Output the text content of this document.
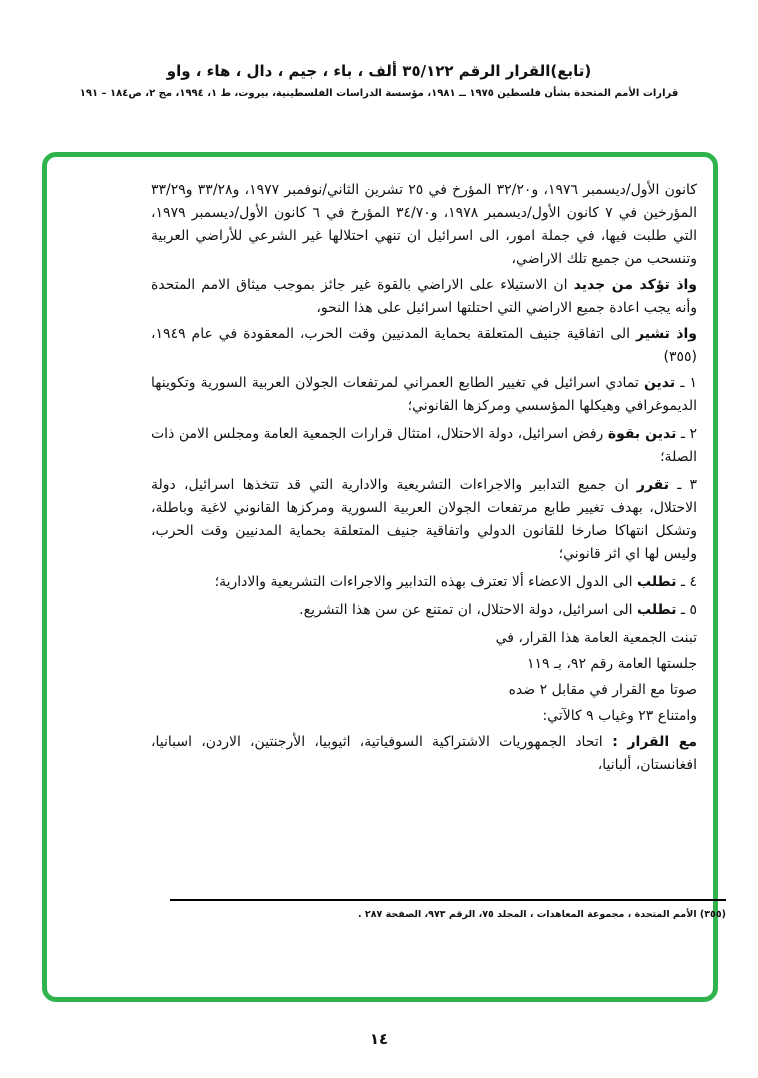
(تابع)القرار الرقم ٣٥/١٢٢ ألف ، باء ، جيم ، دال ، هاء ، واو
قرارات الأمم المتحدة بشأن فلسطين ١٩٧٥ ــ ١٩٨١، مؤسسة الدراسات الفلسطينية، بيروت، ط ١، ١٩٩٤، مج ٢، ص١٨٤ – ١٩١

كانون الأول/ديسمبر ١٩٧٦، و٣٢/٢٠ المؤرخ في ٢٥ تشرين الثاني/نوفمبر ١٩٧٧، و٣٣/٢٨ و٣٣/٢٩ المؤرخين في ٧ كانون الأول/ديسمبر ١٩٧٨، و٣٤/٧٠ المؤرخ في ٦ كانون الأول/ديسمبر ١٩٧٩، التي طلبت فيها، في جملة امور، الى اسرائيل ان تنهي احتلالها غير الشرعي للأراضي العربية وتنسحب من جميع تلك الاراضي،

واذ تؤكد من جديد ان الاستيلاء على الاراضي بالقوة غير جائز بموجب ميثاق الامم المتحدة وأنه يجب اعادة جميع الاراضي التي احتلتها اسرائيل على هذا النحو،

واذ تشير الى اتفاقية جنيف المتعلقة بحماية المدنيين وقت الحرب، المعقودة في عام ١٩٤٩،(٣٥٥)

١ ـ تدين تمادي اسرائيل في تغيير الطابع العمراني لمرتفعات الجولان العربية السورية وتكوينها الديموغرافي وهيكلها المؤسسي ومركزها القانوني؛

٢ ـ تدين بقوة رفض اسرائيل، دولة الاحتلال، امتثال قرارات الجمعية العامة ومجلس الامن ذات الصلة؛

٣ ـ تقرر ان جميع التدابير والاجراءات التشريعية والادارية التي قد تتخذها اسرائيل، دولة الاحتلال، بهدف تغيير طابع مرتفعات الجولان العربية السورية ومركزها القانوني لاغية وباطلة، وتشكل انتهاكا صارخا للقانون الدولي واتفاقية جنيف المتعلقة بحماية المدنيين وقت الحرب، وليس لها اي اثر قانوني؛

٤ ـ تطلب الى الدول الاعضاء ألا تعترف بهذه التدابير والاجراءات التشريعية والادارية؛

٥ ـ تطلب الى اسرائيل، دولة الاحتلال، ان تمتنع عن سن هذا التشريع.

تبنت الجمعية العامة هذا القرار، في

جلستها العامة رقم ٩٢، بـ ١١٩

صوتا مع القرار في مقابل ٢ ضده

وامتناع ٢٣ وغياب ٩ كالآتي:

مع القرار : اتحاد الجمهوريات الاشتراكية السوفياتية، اثيوبيا، الأرجنتين، الاردن، اسبانيا، افغانستان، ألبانيا،

(٣٥٥) الأمم المتحدة ، مجموعة المعاهدات ، المجلد ٧٥، الرقم ٩٧٣، الصفحة ٢٨٧ .
١٤
